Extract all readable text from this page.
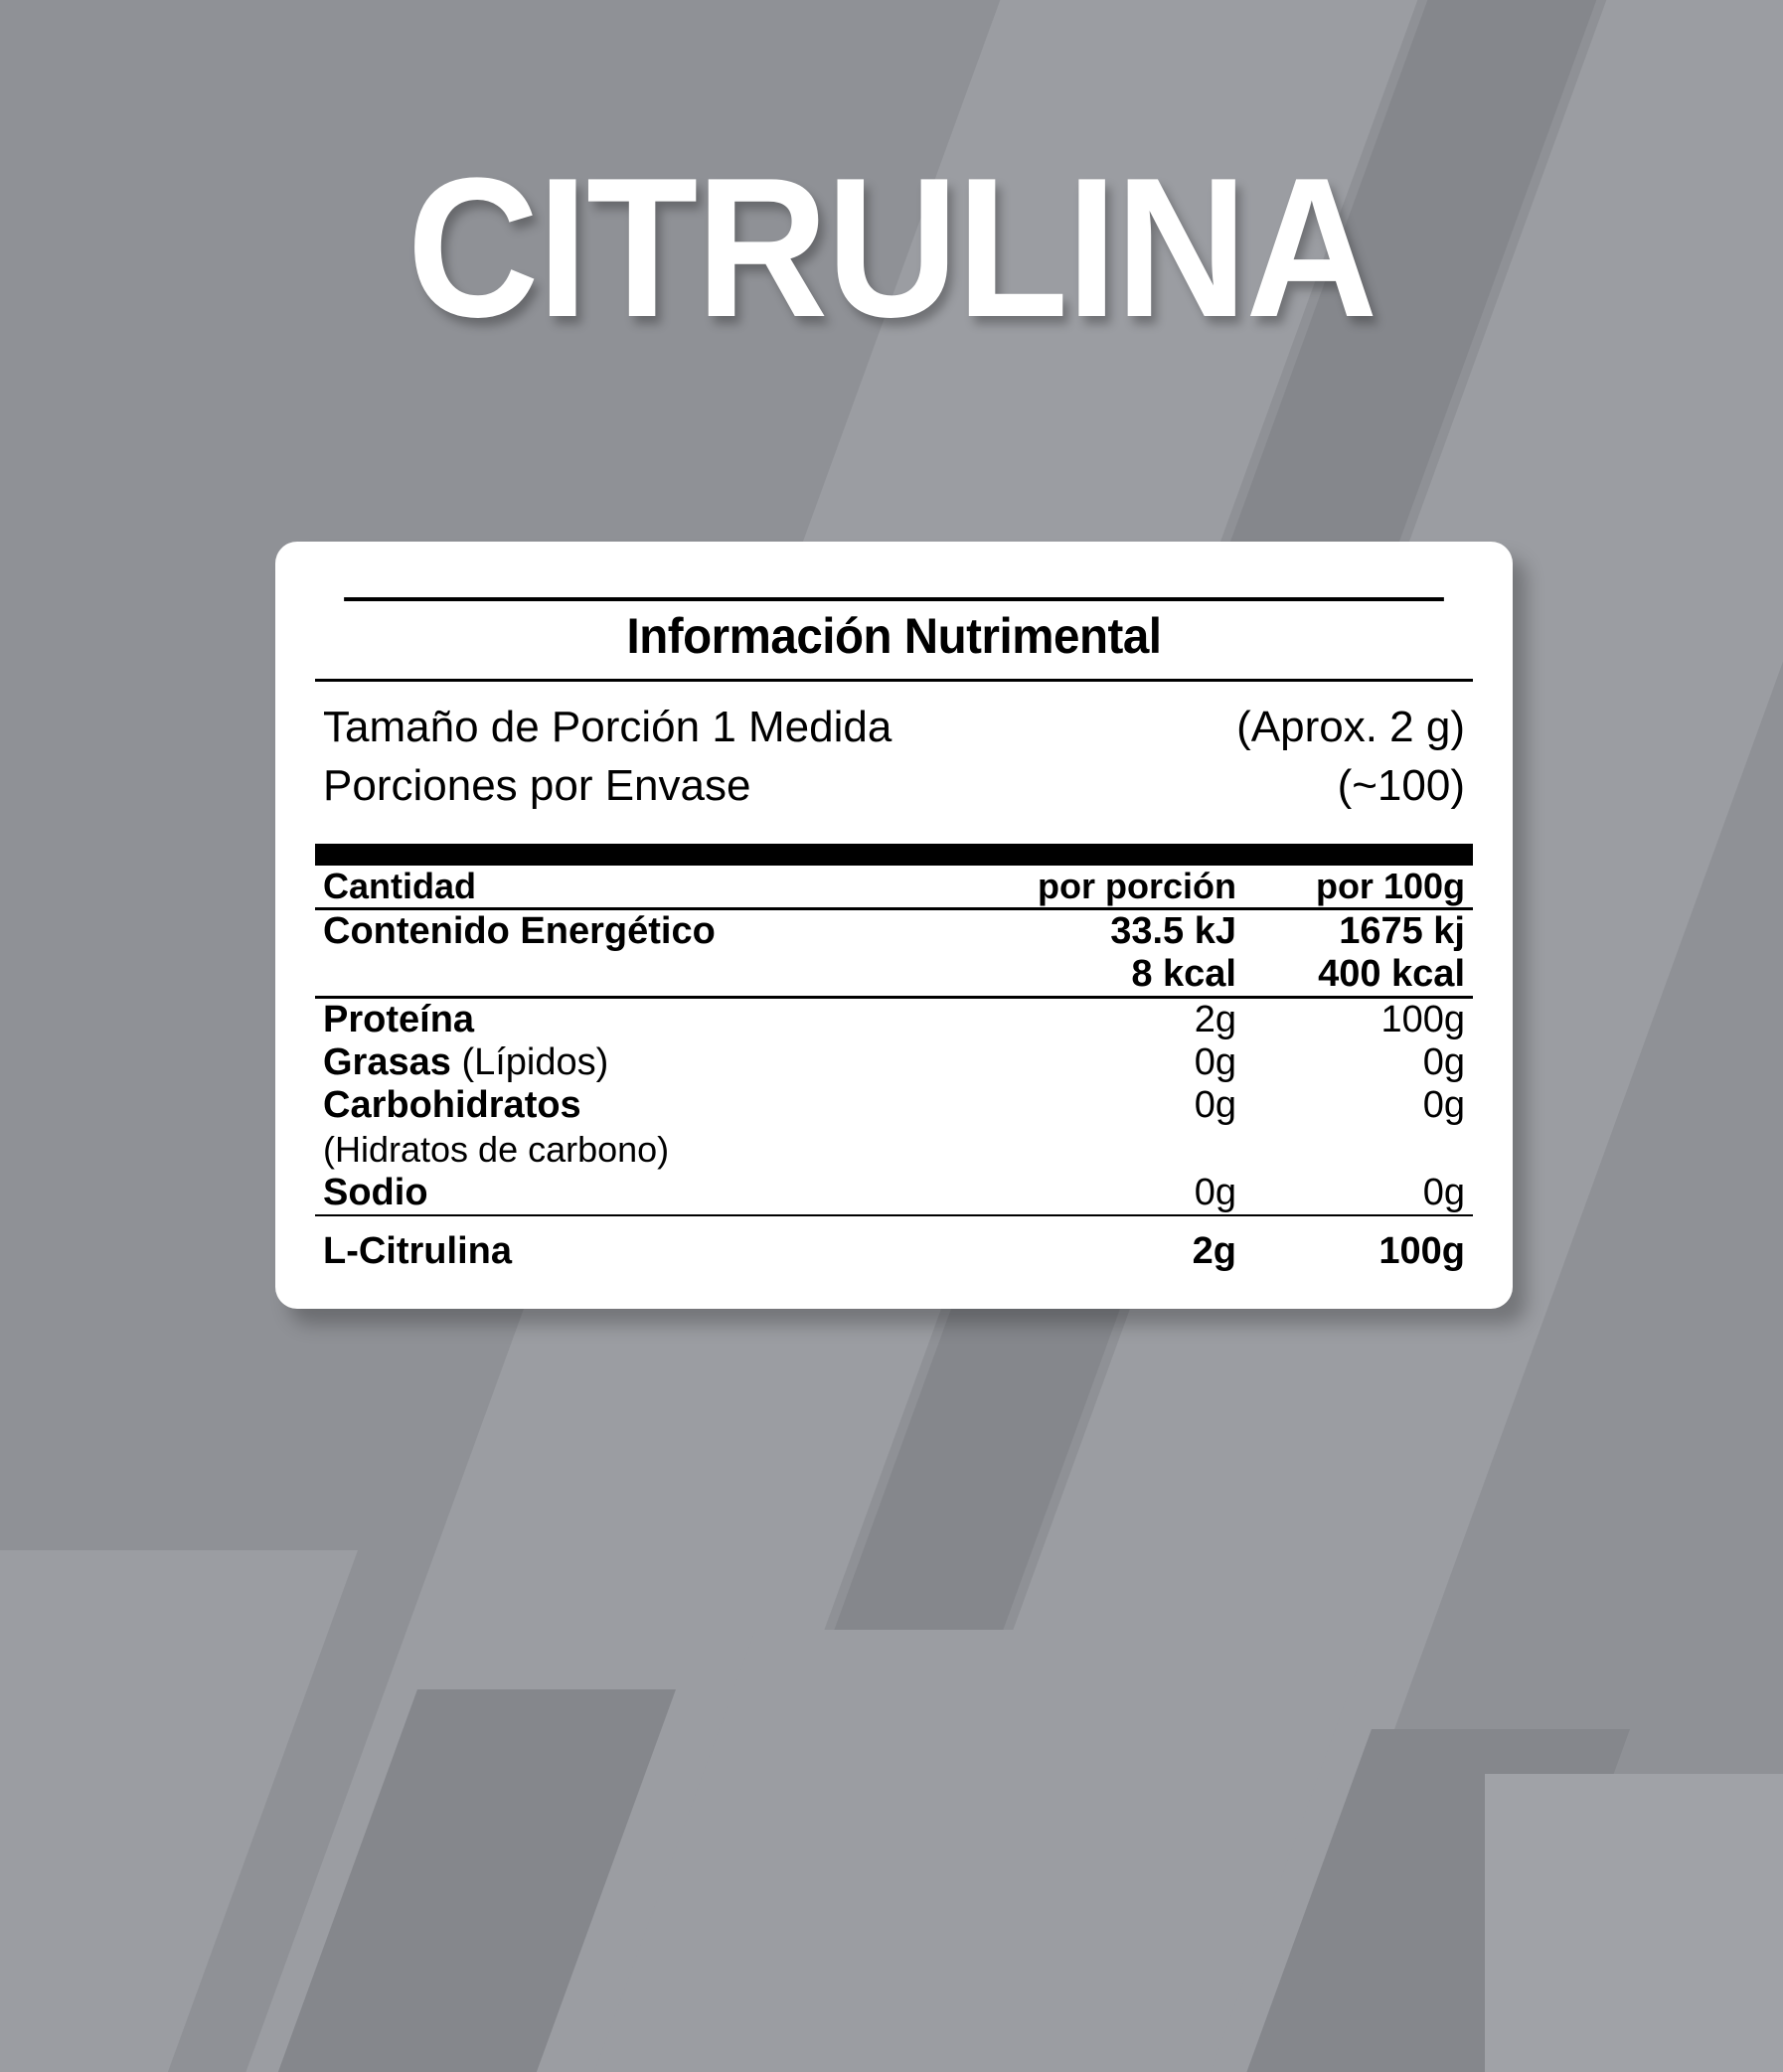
CITRULINA
Información Nutrimental
Tamaño de Porción 1 Medida	(Aprox. 2 g)
Porciones por Envase	(~100)
Cantidad	por porción	por 100g

Contenido Energético	33.5 kJ	1675 kj
	8 kcal	400 kcal

Proteína	2g	100g
Grasas (Lípidos)	0g	0g
Carbohidratos
(Hidratos de carbono)	0g	0g
Sodio	0g	0g

L-Citrulina	2g	100g
